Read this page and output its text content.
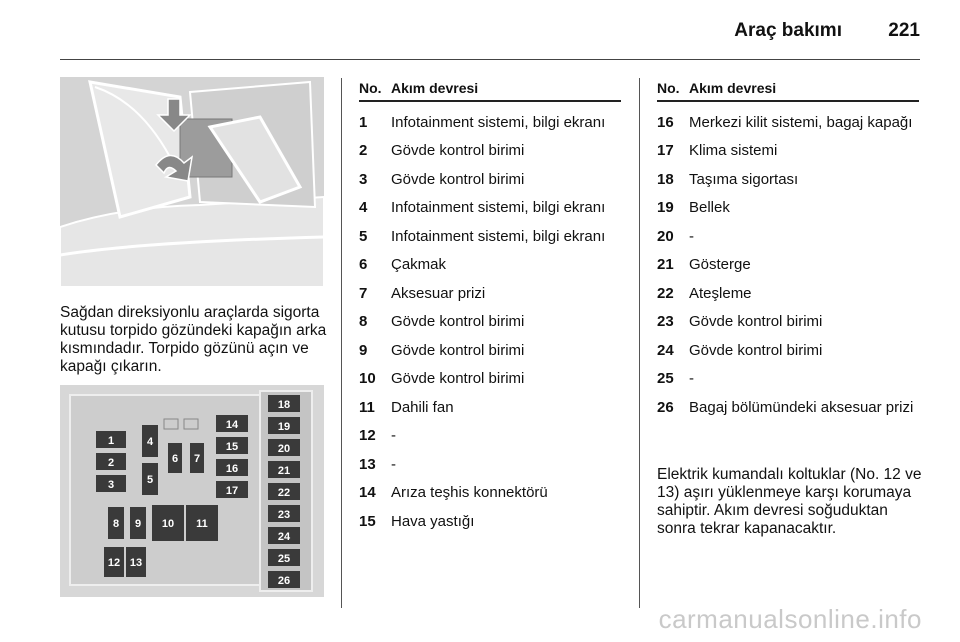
Araç bakımı 221

Sağdan direksiyonlu araçlarda sigorta kutusu torpido gözündeki kapağın arka kısmındadır. Torpido gözünü açın ve kapağı çıkarın.

1
2
3
4
5
6 7
14
15
16
17
8 9 10 11
12 13
18
19
20
21
22
23
24
25
26
No. Akım devresi
1	Infotainment sistemi, bilgi ekranı
2	Gövde kontrol birimi
3	Gövde kontrol birimi
4	Infotainment sistemi, bilgi ekranı
5	Infotainment sistemi, bilgi ekranı
6	Çakmak
7	Aksesuar prizi
8	Gövde kontrol birimi
9	Gövde kontrol birimi
10	Gövde kontrol birimi
11	Dahili fan
12	-
13	-
14	Arıza teşhis konnektörü
15	Hava yastığı
No. Akım devresi
16	Merkezi kilit sistemi, bagaj kapağı
17	Klima sistemi
18	Taşıma sigortası
19	Bellek
20	-
21	Gösterge
22	Ateşleme
23	Gövde kontrol birimi
24	Gövde kontrol birimi
25	-
26	Bagaj bölümündeki aksesuar prizi

Elektrik kumandalı koltuklar (No. 12 ve 13) aşırı yüklenmeye karşı korumaya sahiptir. Akım devresi soğuduktan sonra tekrar kapanacaktır.

carmanualsonline.info
